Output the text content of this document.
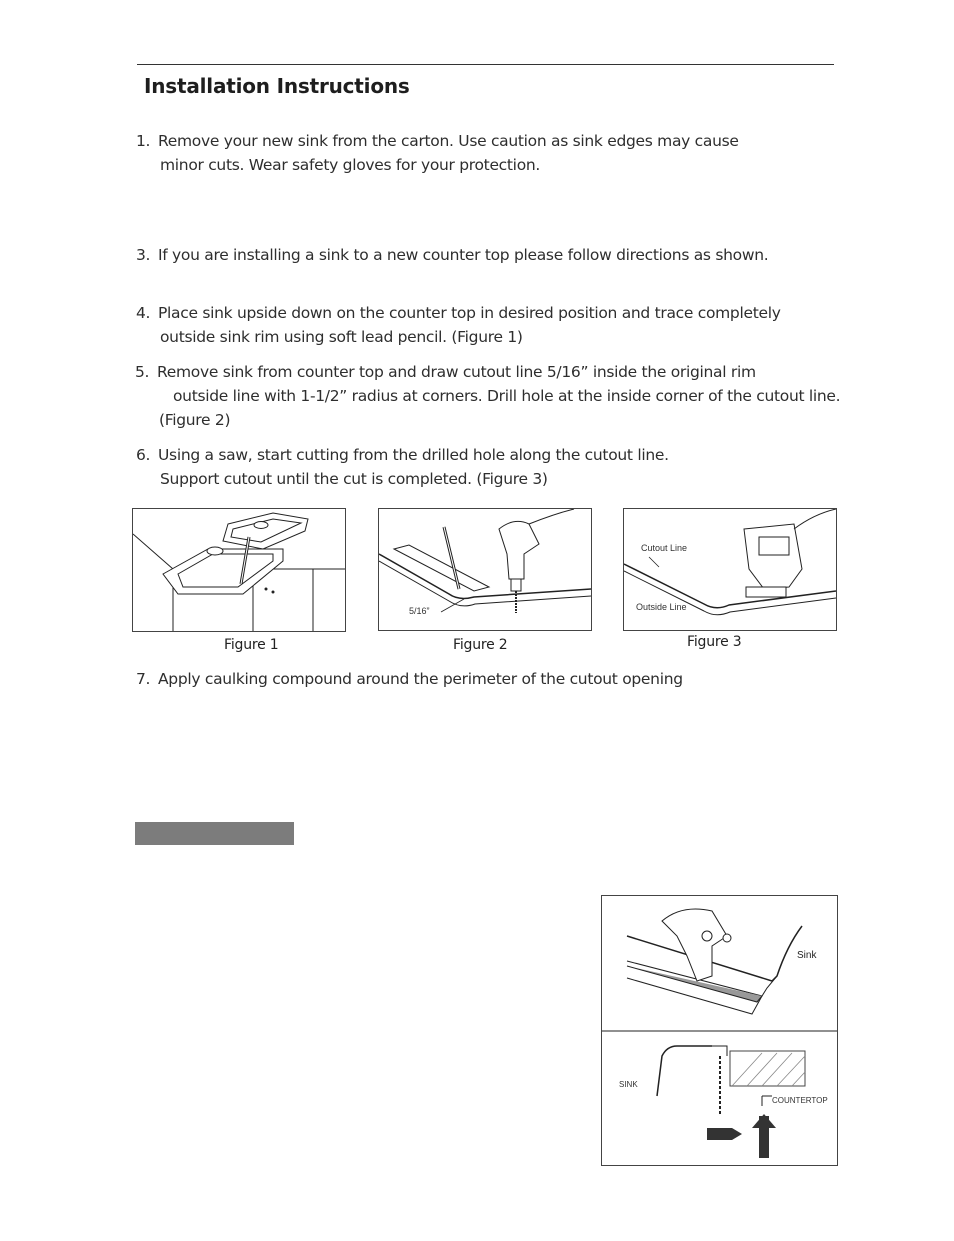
Installation Instructions
1. Remove your new sink from the carton. Use caution as sink edges may cause
minor cuts. Wear safety gloves for your protection.
3. If you are installing a sink to a new counter top please follow directions as shown.
4. Place sink upside down on the counter top in desired position and trace completely
outside sink rim using soft lead pencil. (Figure 1)
5. Remove sink from counter top and draw cutout line 5/16” inside the original rim
outside line with 1-1/2” radius at corners. Drill hole at the inside corner of the cutout line.
(Figure 2)
6. Using a saw, start cutting from the drilled hole along the cutout line.
Support cutout until the cut is completed. (Figure 3)
Figure 1
5/16”
Figure 2
Cutout Line
Outside Line
Figure 3
7. Apply caulking compound around the perimeter of the cutout opening
Sink
SINK
COUNTERTOP
